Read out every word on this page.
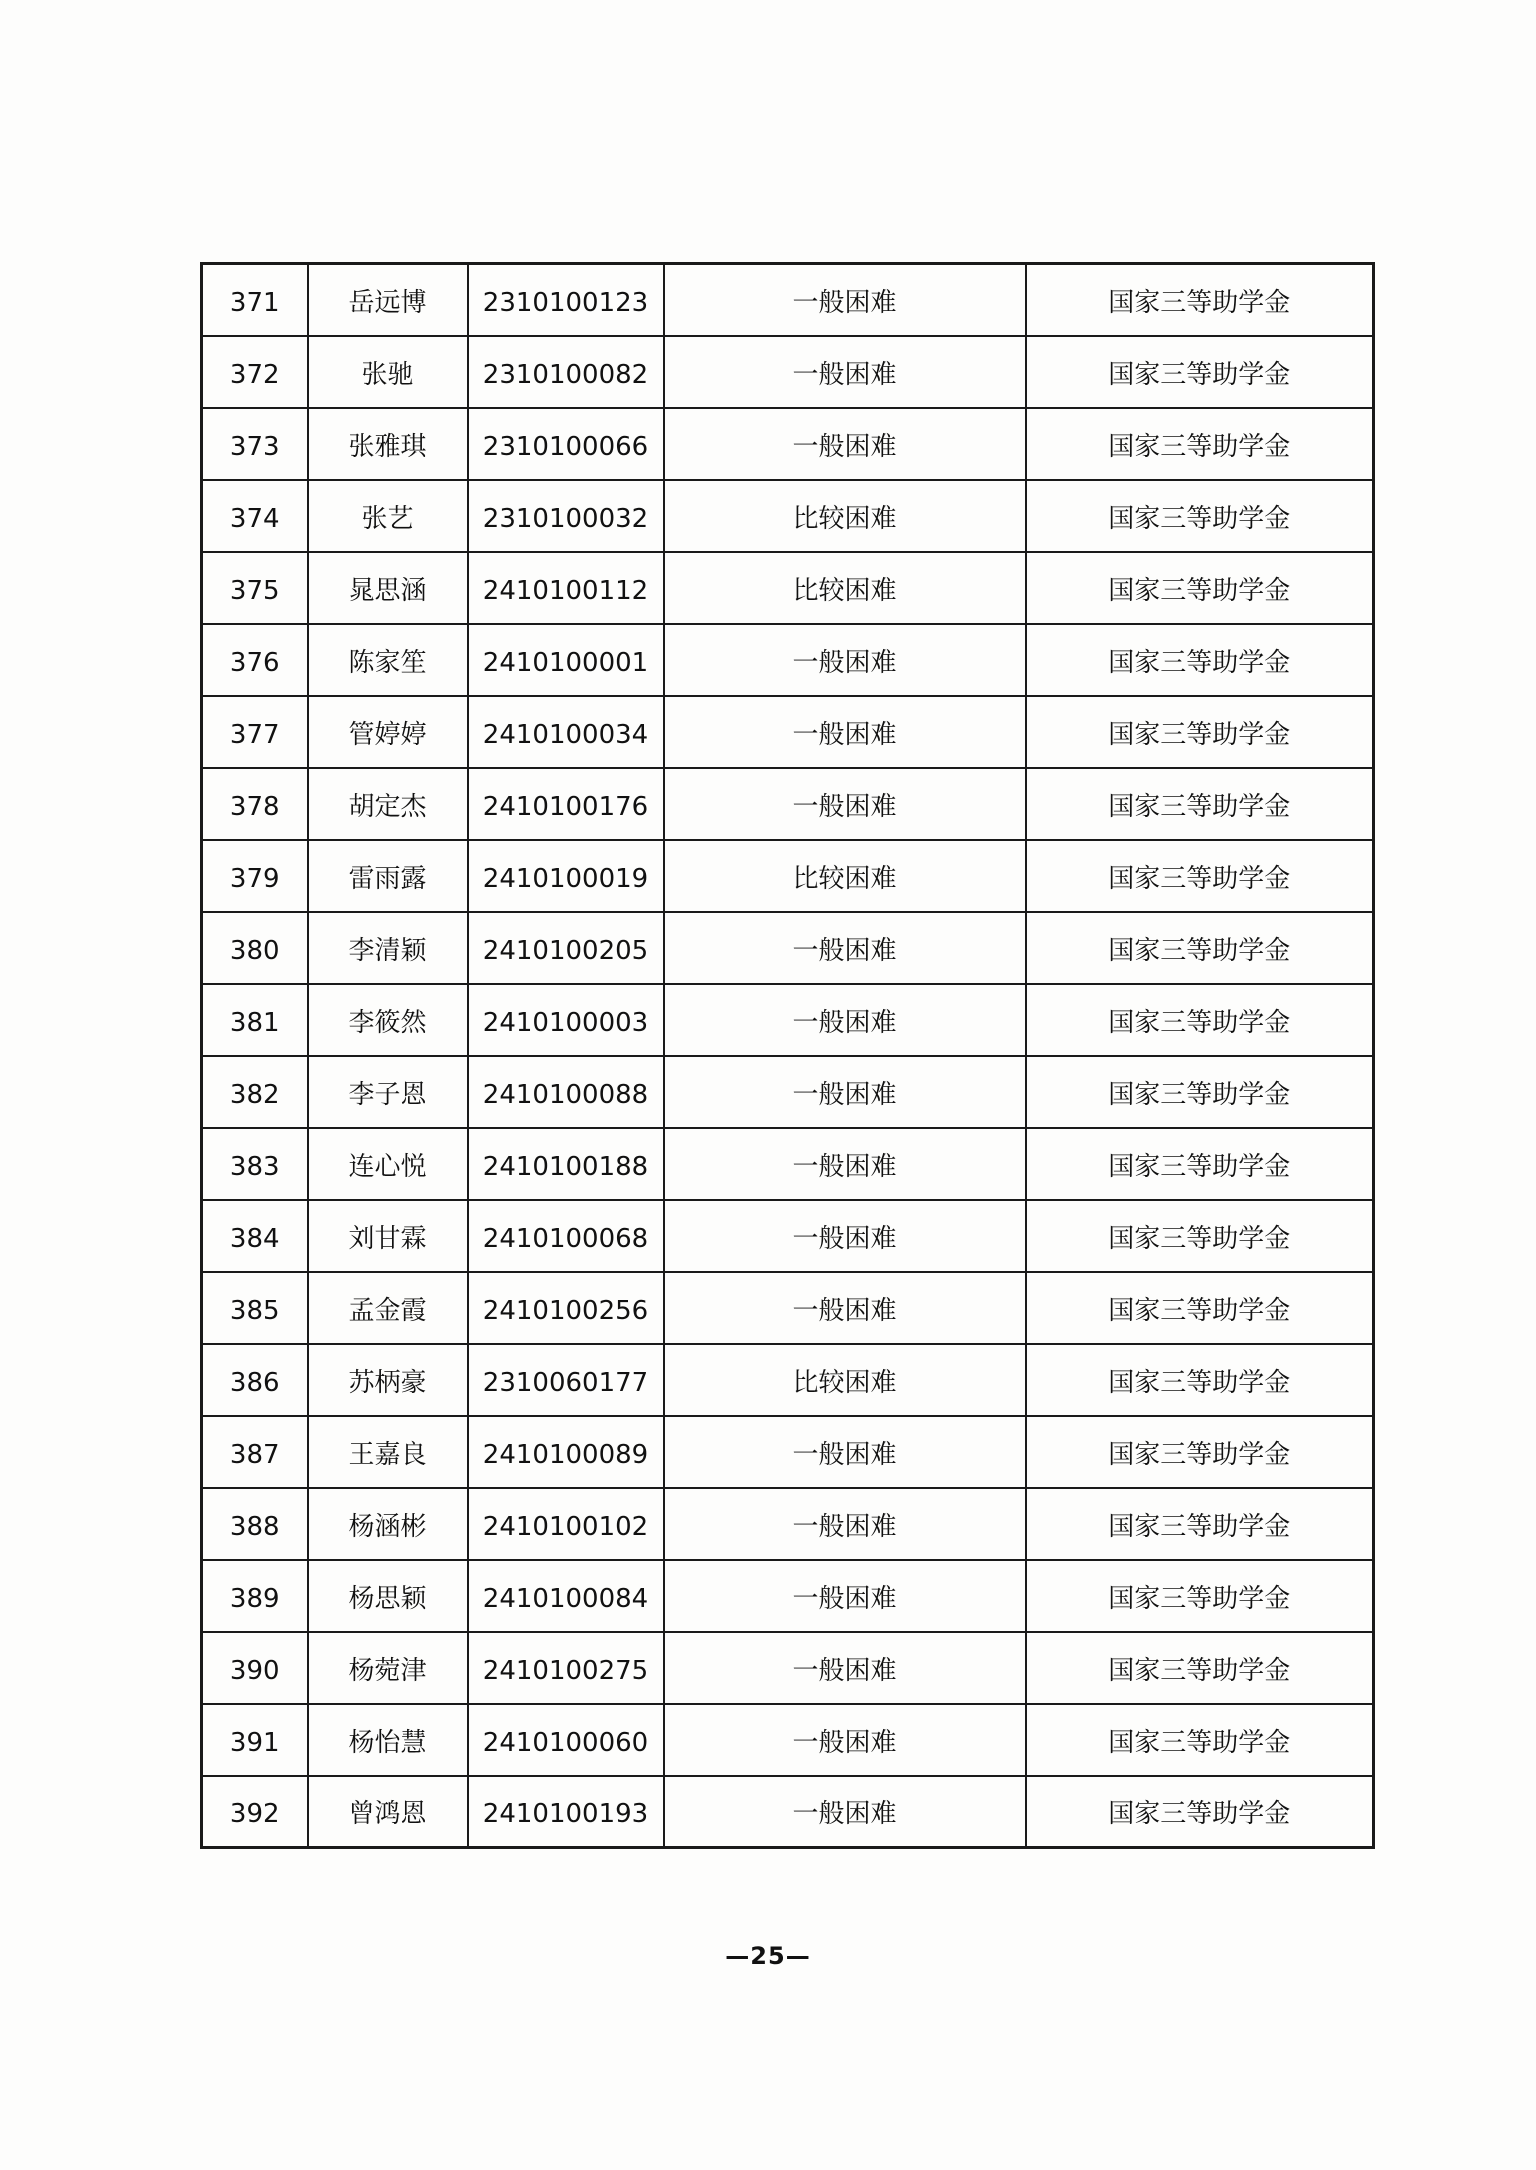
371	岳远博	2310100123	一般困难	国家三等助学金
372	张驰	2310100082	一般困难	国家三等助学金
373	张雅琪	2310100066	一般困难	国家三等助学金
374	张艺	2310100032	比较困难	国家三等助学金
375	晁思涵	2410100112	比较困难	国家三等助学金
376	陈家笙	2410100001	一般困难	国家三等助学金
377	管婷婷	2410100034	一般困难	国家三等助学金
378	胡定杰	2410100176	一般困难	国家三等助学金
379	雷雨露	2410100019	比较困难	国家三等助学金
380	李清颖	2410100205	一般困难	国家三等助学金
381	李筱然	2410100003	一般困难	国家三等助学金
382	李子恩	2410100088	一般困难	国家三等助学金
383	连心悦	2410100188	一般困难	国家三等助学金
384	刘甘霖	2410100068	一般困难	国家三等助学金
385	孟金霞	2410100256	一般困难	国家三等助学金
386	苏柄豪	2310060177	比较困难	国家三等助学金
387	王嘉良	2410100089	一般困难	国家三等助学金
388	杨涵彬	2410100102	一般困难	国家三等助学金
389	杨思颖	2410100084	一般困难	国家三等助学金
390	杨菀津	2410100275	一般困难	国家三等助学金
391	杨怡慧	2410100060	一般困难	国家三等助学金
392	曾鸿恩	2410100193	一般困难	国家三等助学金
—25—
